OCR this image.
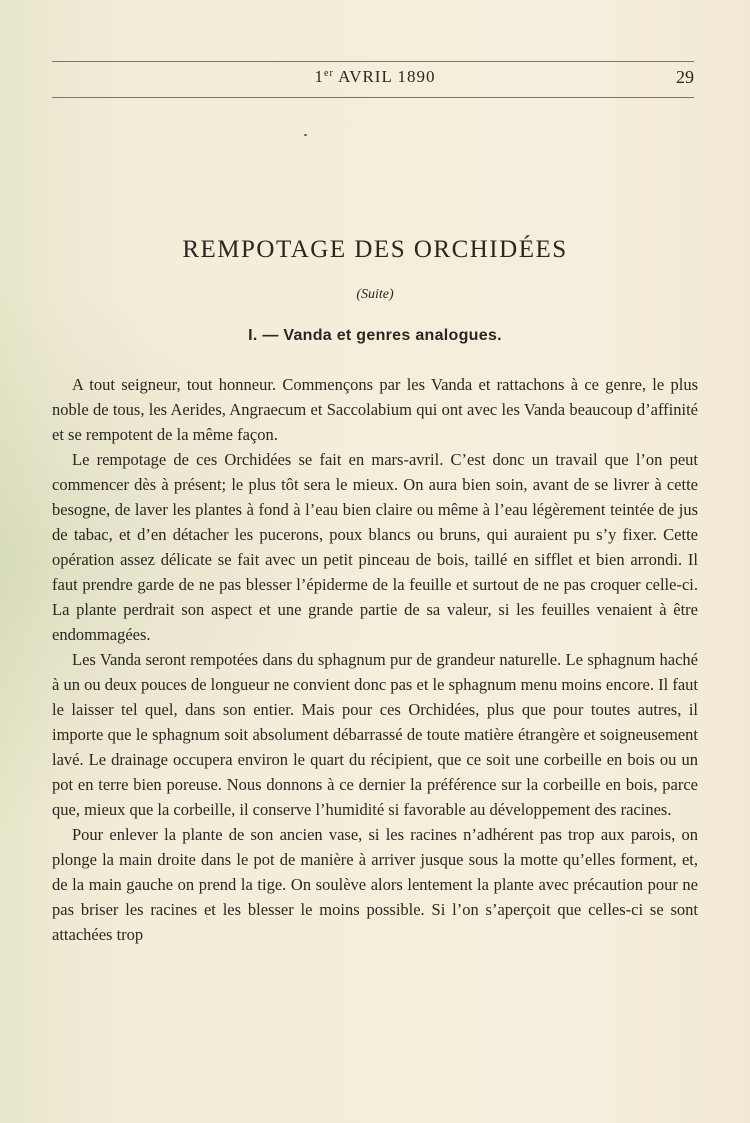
1er AVRIL 1890	29
REMPOTAGE DES ORCHIDÉES
(Suite)
I. — Vanda et genres analogues.

A tout seigneur, tout honneur. Commençons par les Vanda et rattachons à ce genre, le plus noble de tous, les Aerides, Angraecum et Saccolabium qui ont avec les Vanda beaucoup d’affinité et se rempotent de la même façon.

Le rempotage de ces Orchidées se fait en mars-avril. C’est donc un travail que l’on peut commencer dès à présent; le plus tôt sera le mieux. On aura bien soin, avant de se livrer à cette besogne, de laver les plantes à fond à l’eau bien claire ou même à l’eau légèrement teintée de jus de tabac, et d’en détacher les pucerons, poux blancs ou bruns, qui auraient pu s’y fixer. Cette opération assez délicate se fait avec un petit pinceau de bois, taillé en sifflet et bien arrondi. Il faut prendre garde de ne pas blesser l’épiderme de la feuille et surtout de ne pas croquer celle-ci. La plante perdrait son aspect et une grande partie de sa valeur, si les feuilles venaient à être endommagées.

Les Vanda seront rempotées dans du sphagnum pur de grandeur naturelle. Le sphagnum haché à un ou deux pouces de longueur ne convient donc pas et le sphagnum menu moins encore. Il faut le laisser tel quel, dans son entier. Mais pour ces Orchidées, plus que pour toutes autres, il importe que le sphagnum soit absolument débarrassé de toute matière étrangère et soigneusement lavé. Le drainage occupera environ le quart du récipient, que ce soit une corbeille en bois ou un pot en terre bien poreuse. Nous donnons à ce dernier la préférence sur la corbeille en bois, parce que, mieux que la corbeille, il conserve l’humidité si favorable au développement des racines.

Pour enlever la plante de son ancien vase, si les racines n’adhérent pas trop aux parois, on plonge la main droite dans le pot de manière à arriver jusque sous la motte qu’elles forment, et, de la main gauche on prend la tige. On soulève alors lentement la plante avec précaution pour ne pas briser les racines et les blesser le moins possible. Si l’on s’aperçoit que celles-ci se sont attachées trop
